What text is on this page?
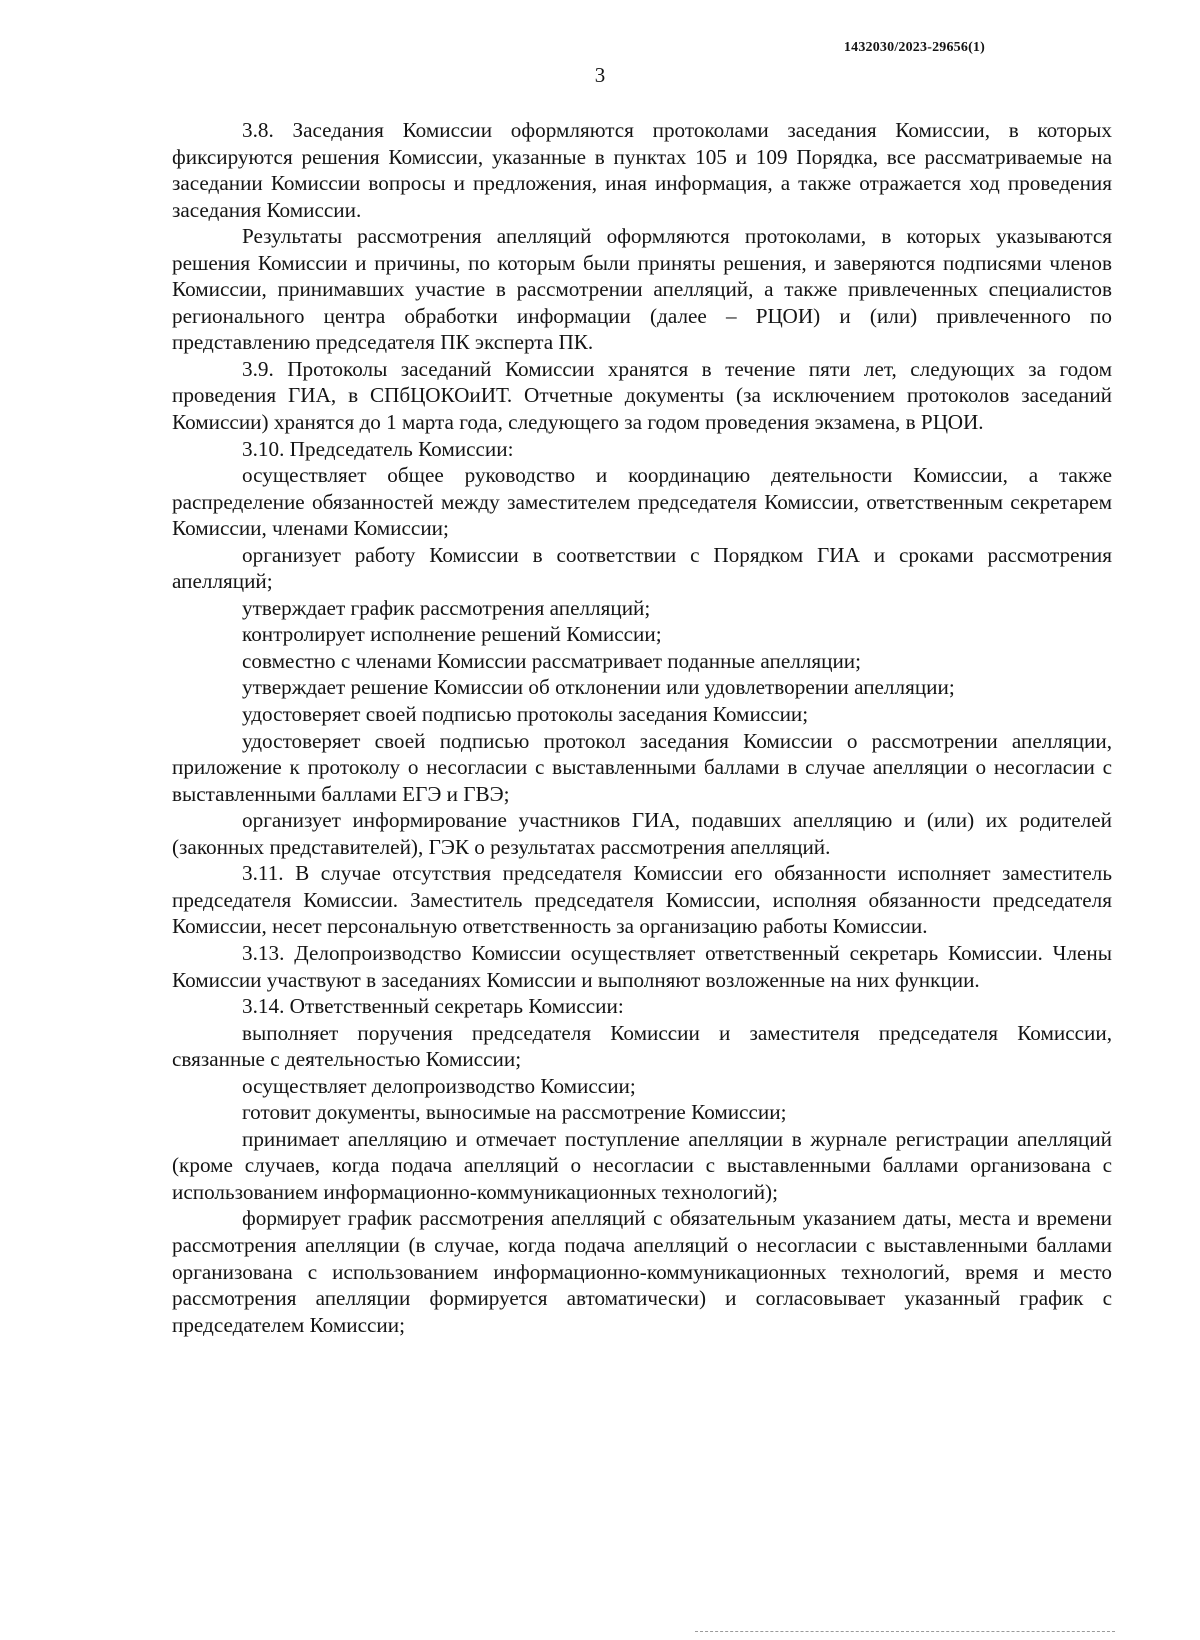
1432030/2023-29656(1)
3

3.8. Заседания Комиссии оформляются протоколами заседания Комиссии, в которых фиксируются решения Комиссии, указанные в пунктах 105 и 109 Порядка, все рассматриваемые на заседании Комиссии вопросы и предложения, иная информация, а также отражается ход проведения заседания Комиссии.

Результаты рассмотрения апелляций оформляются протоколами, в которых указываются решения Комиссии и причины, по которым были приняты решения, и заверяются подписями членов Комиссии, принимавших участие в рассмотрении апелляций, а также привлеченных специалистов регионального центра обработки информации (далее – РЦОИ) и (или) привлеченного по представлению председателя ПК эксперта ПК.

3.9. Протоколы заседаний Комиссии хранятся в течение пяти лет, следующих за годом проведения ГИА, в СПбЦОКОиИТ. Отчетные документы (за исключением протоколов заседаний Комиссии) хранятся до 1 марта года, следующего за годом проведения экзамена, в РЦОИ.

3.10. Председатель Комиссии:

осуществляет общее руководство и координацию деятельности Комиссии, а также распределение обязанностей между заместителем председателя Комиссии, ответственным секретарем Комиссии, членами Комиссии;

организует работу Комиссии в соответствии с Порядком ГИА и сроками рассмотрения апелляций;

утверждает график рассмотрения апелляций;

контролирует исполнение решений Комиссии;

совместно с членами Комиссии рассматривает поданные апелляции;

утверждает решение Комиссии об отклонении или удовлетворении апелляции;

удостоверяет своей подписью протоколы заседания Комиссии;

удостоверяет своей подписью протокол заседания Комиссии о рассмотрении апелляции, приложение к протоколу о несогласии с выставленными баллами в случае апелляции о несогласии с выставленными баллами ЕГЭ и ГВЭ;

организует информирование участников ГИА, подавших апелляцию и (или) их родителей (законных представителей), ГЭК о результатах рассмотрения апелляций.

3.11. В случае отсутствия председателя Комиссии его обязанности исполняет заместитель председателя Комиссии. Заместитель председателя Комиссии, исполняя обязанности председателя Комиссии, несет персональную ответственность за организацию работы Комиссии.

3.13. Делопроизводство Комиссии осуществляет ответственный секретарь Комиссии. Члены Комиссии участвуют в заседаниях Комиссии и выполняют возложенные на них функции.

3.14. Ответственный секретарь Комиссии:

выполняет поручения председателя Комиссии и заместителя председателя Комиссии, связанные с деятельностью Комиссии;

осуществляет делопроизводство Комиссии;

готовит документы, выносимые на рассмотрение Комиссии;

принимает апелляцию и отмечает поступление апелляции в журнале регистрации апелляций (кроме случаев, когда подача апелляций о несогласии с выставленными баллами организована с использованием информационно-коммуникационных технологий);

формирует график рассмотрения апелляций с обязательным указанием даты, места и времени рассмотрения апелляции (в случае, когда подача апелляций о несогласии с выставленными баллами организована с использованием информационно-коммуникационных технологий, время и место рассмотрения апелляции формируется автоматически) и согласовывает указанный график с председателем Комиссии;
